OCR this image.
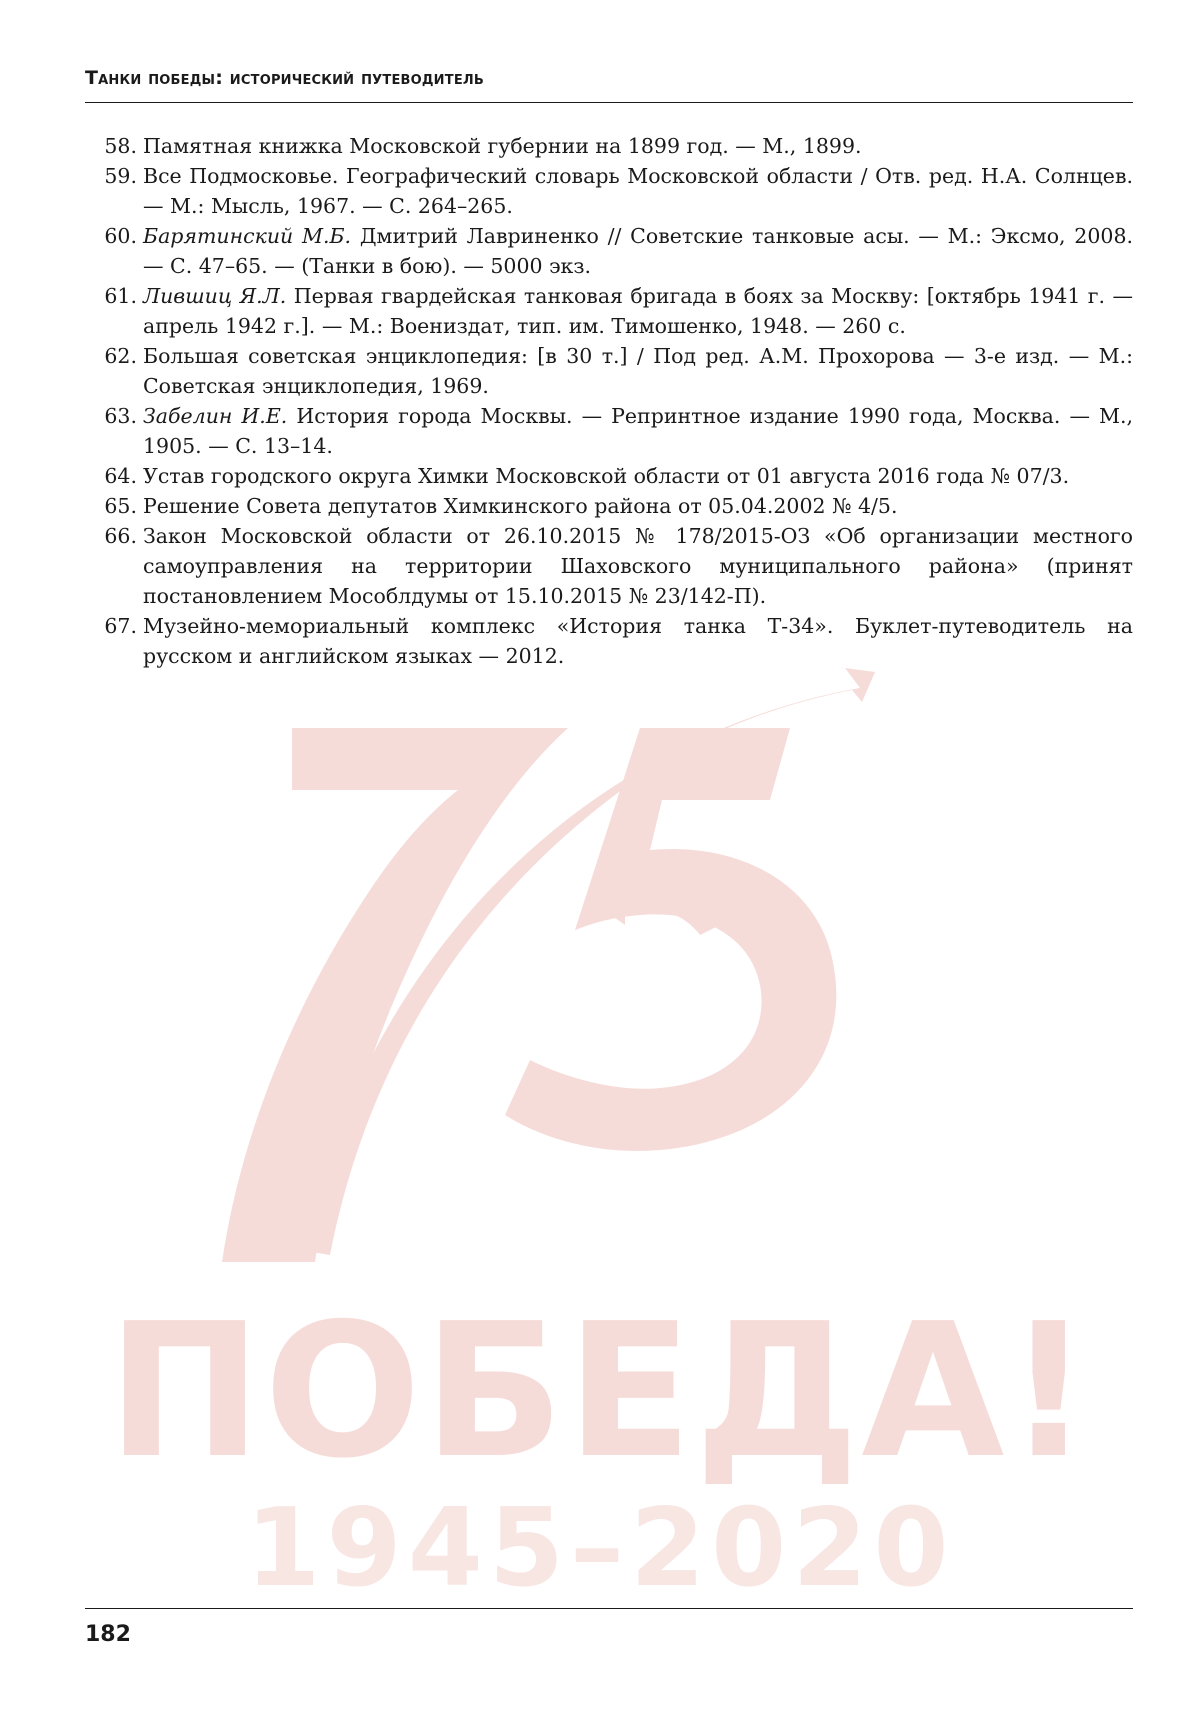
ПОБЕДА!
1945–2020
Танки победы: исторический путеводитель
58. Памятная книжка Московской губернии на 1899 год. — М., 1899.
59. Все Подмосковье. Географический словарь Московской области / Отв. ред. Н.А. Солнцев. — М.: Мысль, 1967. — С. 264–265.
60. Барятинский М.Б. Дмитрий Лавриненко // Советские танковые асы. — М.: Эксмо, 2008. — С. 47–65. — (Танки в бою). — 5000 экз.
61. Лившиц Я.Л. Первая гвардейская танковая бригада в боях за Москву: [октябрь 1941 г. — апрель 1942 г.]. — М.: Воениздат, тип. им. Тимошенко, 1948. — 260 с.
62. Большая советская энциклопедия: [в 30 т.] / Под ред. А.М. Прохорова — 3-е изд. — М.: Советская энциклопедия, 1969.
63. Забелин И.Е. История города Москвы. — Репринтное издание 1990 года, Москва. — М., 1905. — С. 13–14.
64. Устав городского округа Химки Московской области от 01 августа 2016 года № 07/3.
65. Решение Совета депутатов Химкинского района от 05.04.2002 № 4/5.
66. Закон Московской области от 26.10.2015 № 178/2015-ОЗ «Об организации местного самоуправления на территории Шаховского муниципального района» (принят постановлением Мособлдумы от 15.10.2015 № 23/142-П).
67. Музейно-мемориальный комплекс «История танка Т-34». Буклет-путеводитель на русском и английском языках — 2012.
182
